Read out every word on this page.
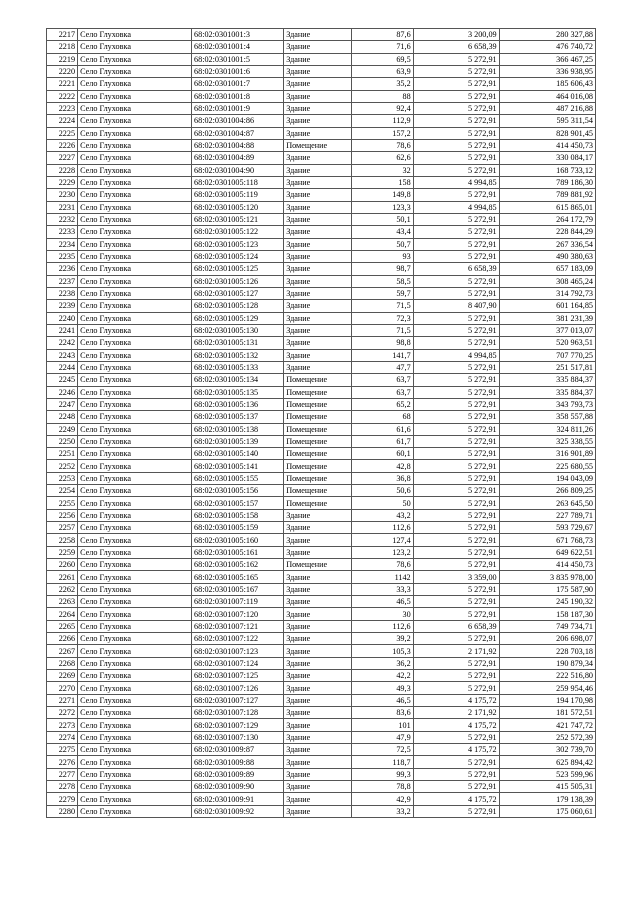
2217	Село Глуховка	68:02:0301001:3	Здание	87,6	3 200,09	280 327,88
2218	Село Глуховка	68:02:0301001:4	Здание	71,6	6 658,39	476 740,72
2219	Село Глуховка	68:02:0301001:5	Здание	69,5	5 272,91	366 467,25
2220	Село Глуховка	68:02:0301001:6	Здание	63,9	5 272,91	336 938,95
2221	Село Глуховка	68:02:0301001:7	Здание	35,2	5 272,91	185 606,43
2222	Село Глуховка	68:02:0301001:8	Здание	88	5 272,91	464 016,08
2223	Село Глуховка	68:02:0301001:9	Здание	92,4	5 272,91	487 216,88
2224	Село Глуховка	68:02:0301004:86	Здание	112,9	5 272,91	595 311,54
2225	Село Глуховка	68:02:0301004:87	Здание	157,2	5 272,91	828 901,45
2226	Село Глуховка	68:02:0301004:88	Помещение	78,6	5 272,91	414 450,73
2227	Село Глуховка	68:02:0301004:89	Здание	62,6	5 272,91	330 084,17
2228	Село Глуховка	68:02:0301004:90	Здание	32	5 272,91	168 733,12
2229	Село Глуховка	68:02:0301005:118	Здание	158	4 994,85	789 186,30
2230	Село Глуховка	68:02:0301005:119	Здание	149,8	5 272,91	789 881,92
2231	Село Глуховка	68:02:0301005:120	Здание	123,3	4 994,85	615 865,01
2232	Село Глуховка	68:02:0301005:121	Здание	50,1	5 272,91	264 172,79
2233	Село Глуховка	68:02:0301005:122	Здание	43,4	5 272,91	228 844,29
2234	Село Глуховка	68:02:0301005:123	Здание	50,7	5 272,91	267 336,54
2235	Село Глуховка	68:02:0301005:124	Здание	93	5 272,91	490 380,63
2236	Село Глуховка	68:02:0301005:125	Здание	98,7	6 658,39	657 183,09
2237	Село Глуховка	68:02:0301005:126	Здание	58,5	5 272,91	308 465,24
2238	Село Глуховка	68:02:0301005:127	Здание	59,7	5 272,91	314 792,73
2239	Село Глуховка	68:02:0301005:128	Здание	71,5	8 407,90	601 164,85
2240	Село Глуховка	68:02:0301005:129	Здание	72,3	5 272,91	381 231,39
2241	Село Глуховка	68:02:0301005:130	Здание	71,5	5 272,91	377 013,07
2242	Село Глуховка	68:02:0301005:131	Здание	98,8	5 272,91	520 963,51
2243	Село Глуховка	68:02:0301005:132	Здание	141,7	4 994,85	707 770,25
2244	Село Глуховка	68:02:0301005:133	Здание	47,7	5 272,91	251 517,81
2245	Село Глуховка	68:02:0301005:134	Помещение	63,7	5 272,91	335 884,37
2246	Село Глуховка	68:02:0301005:135	Помещение	63,7	5 272,91	335 884,37
2247	Село Глуховка	68:02:0301005:136	Помещение	65,2	5 272,91	343 793,73
2248	Село Глуховка	68:02:0301005:137	Помещение	68	5 272,91	358 557,88
2249	Село Глуховка	68:02:0301005:138	Помещение	61,6	5 272,91	324 811,26
2250	Село Глуховка	68:02:0301005:139	Помещение	61,7	5 272,91	325 338,55
2251	Село Глуховка	68:02:0301005:140	Помещение	60,1	5 272,91	316 901,89
2252	Село Глуховка	68:02:0301005:141	Помещение	42,8	5 272,91	225 680,55
2253	Село Глуховка	68:02:0301005:155	Помещение	36,8	5 272,91	194 043,09
2254	Село Глуховка	68:02:0301005:156	Помещение	50,6	5 272,91	266 809,25
2255	Село Глуховка	68:02:0301005:157	Помещение	50	5 272,91	263 645,50
2256	Село Глуховка	68:02:0301005:158	Здание	43,2	5 272,91	227 789,71
2257	Село Глуховка	68:02:0301005:159	Здание	112,6	5 272,91	593 729,67
2258	Село Глуховка	68:02:0301005:160	Здание	127,4	5 272,91	671 768,73
2259	Село Глуховка	68:02:0301005:161	Здание	123,2	5 272,91	649 622,51
2260	Село Глуховка	68:02:0301005:162	Помещение	78,6	5 272,91	414 450,73
2261	Село Глуховка	68:02:0301005:165	Здание	1142	3 359,00	3 835 978,00
2262	Село Глуховка	68:02:0301005:167	Здание	33,3	5 272,91	175 587,90
2263	Село Глуховка	68:02:0301007:119	Здание	46,5	5 272,91	245 190,32
2264	Село Глуховка	68:02:0301007:120	Здание	30	5 272,91	158 187,30
2265	Село Глуховка	68:02:0301007:121	Здание	112,6	6 658,39	749 734,71
2266	Село Глуховка	68:02:0301007:122	Здание	39,2	5 272,91	206 698,07
2267	Село Глуховка	68:02:0301007:123	Здание	105,3	2 171,92	228 703,18
2268	Село Глуховка	68:02:0301007:124	Здание	36,2	5 272,91	190 879,34
2269	Село Глуховка	68:02:0301007:125	Здание	42,2	5 272,91	222 516,80
2270	Село Глуховка	68:02:0301007:126	Здание	49,3	5 272,91	259 954,46
2271	Село Глуховка	68:02:0301007:127	Здание	46,5	4 175,72	194 170,98
2272	Село Глуховка	68:02:0301007:128	Здание	83,6	2 171,92	181 572,51
2273	Село Глуховка	68:02:0301007:129	Здание	101	4 175,72	421 747,72
2274	Село Глуховка	68:02:0301007:130	Здание	47,9	5 272,91	252 572,39
2275	Село Глуховка	68:02:0301009:87	Здание	72,5	4 175,72	302 739,70
2276	Село Глуховка	68:02:0301009:88	Здание	118,7	5 272,91	625 894,42
2277	Село Глуховка	68:02:0301009:89	Здание	99,3	5 272,91	523 599,96
2278	Село Глуховка	68:02:0301009:90	Здание	78,8	5 272,91	415 505,31
2279	Село Глуховка	68:02:0301009:91	Здание	42,9	4 175,72	179 138,39
2280	Село Глуховка	68:02:0301009:92	Здание	33,2	5 272,91	175 060,61
